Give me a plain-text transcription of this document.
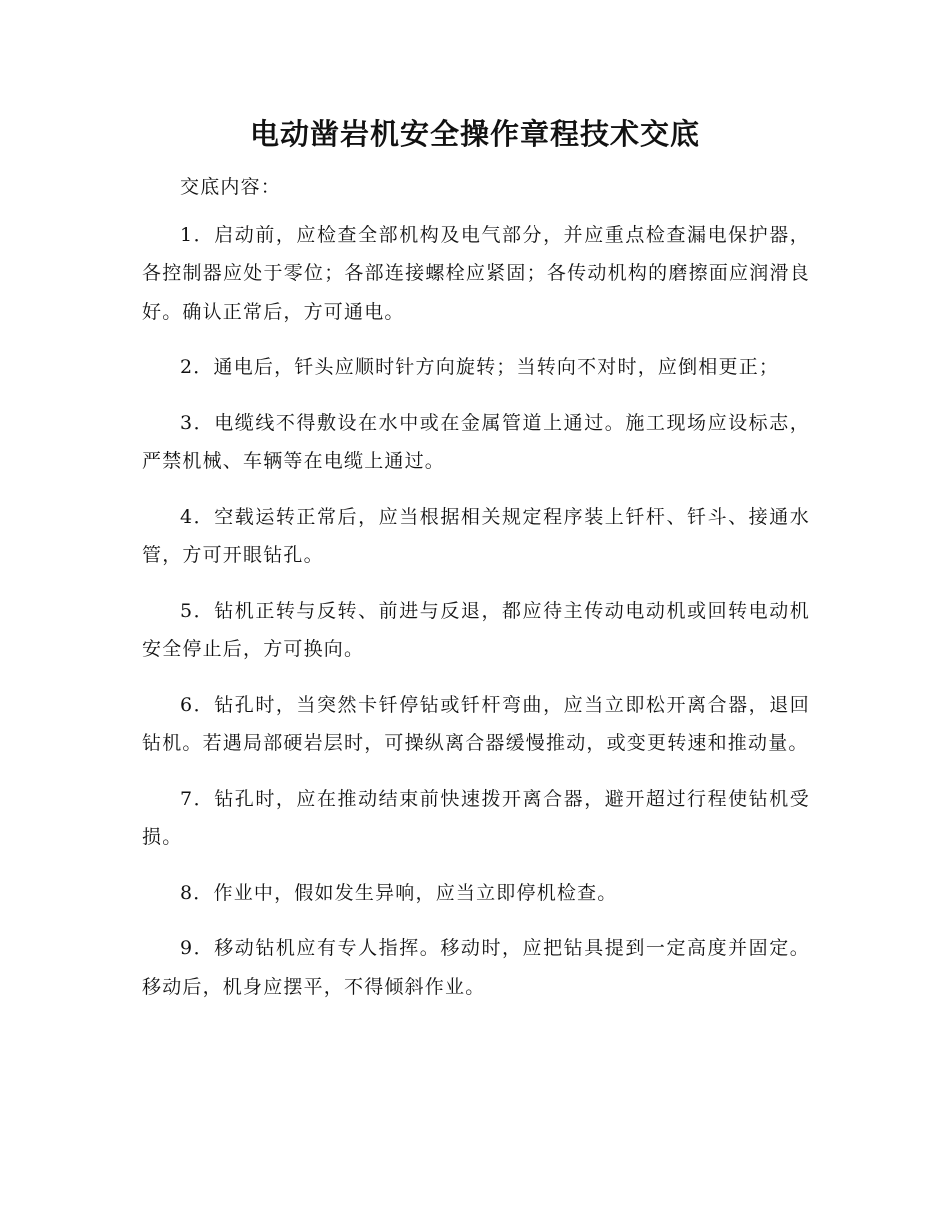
电动凿岩机安全操作章程技术交底

交底内容：

1．启动前，应检查全部机构及电气部分，并应重点检查漏电保护器，各控制器应处于零位；各部连接螺栓应紧固；各传动机构的磨擦面应润滑良好。确认正常后，方可通电。

2．通电后，钎头应顺时针方向旋转；当转向不对时，应倒相更正；

3．电缆线不得敷设在水中或在金属管道上通过。施工现场应设标志，严禁机械、车辆等在电缆上通过。

4．空载运转正常后，应当根据相关规定程序装上钎杆、钎斗、接通水管，方可开眼钻孔。

5．钻机正转与反转、前进与反退，都应待主传动电动机或回转电动机安全停止后，方可换向。

6．钻孔时，当突然卡钎停钻或钎杆弯曲，应当立即松开离合器，退回钻机。若遇局部硬岩层时，可操纵离合器缓慢推动，或变更转速和推动量。

7．钻孔时，应在推动结束前快速拨开离合器，避开超过行程使钻机受损。

8．作业中，假如发生异响，应当立即停机检查。

9．移动钻机应有专人指挥。移动时，应把钻具提到一定高度并固定。移动后，机身应摆平，不得倾斜作业。
